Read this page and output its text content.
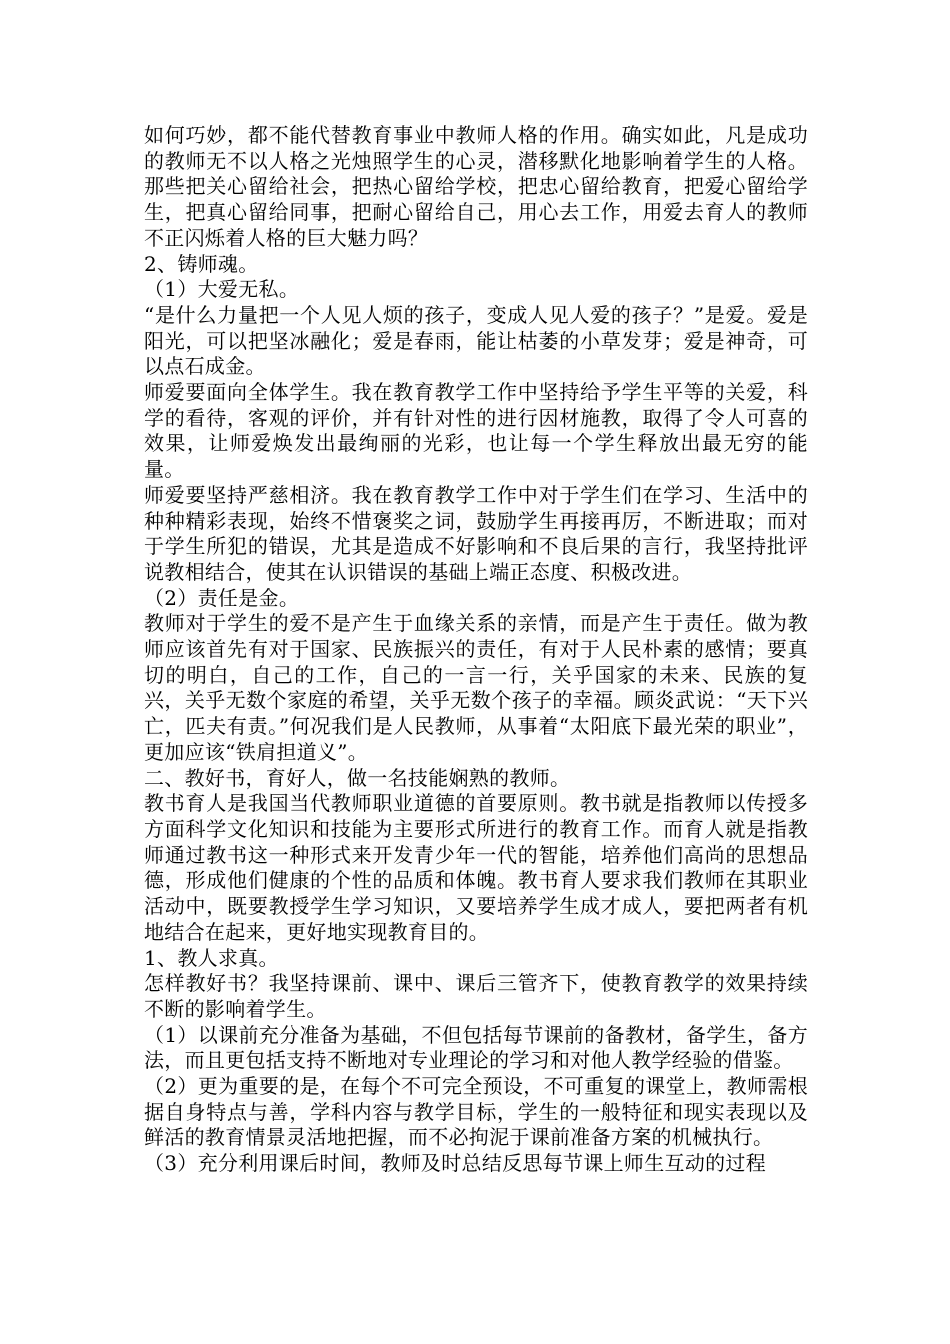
如何巧妙，都不能代替教育事业中教师人格的作用。确实如此，凡是成功的教师无不以人格之光烛照学生的心灵，潜移默化地影响着学生的人格。那些把关心留给社会，把热心留给学校，把忠心留给教育，把爱心留给学生，把真心留给同事，把耐心留给自己，用心去工作，用爱去育人的教师不正闪烁着人格的巨大魅力吗？

2、铸师魂。

（1）大爱无私。

“是什么力量把一个人见人烦的孩子，变成人见人爱的孩子？”是爱。爱是阳光，可以把坚冰融化；爱是春雨，能让枯萎的小草发芽；爱是神奇，可以点石成金。

师爱要面向全体学生。我在教育教学工作中坚持给予学生平等的关爱，科学的看待，客观的评价，并有针对性的进行因材施教，取得了令人可喜的效果，让师爱焕发出最绚丽的光彩，也让每一个学生释放出最无穷的能量。

师爱要坚持严慈相济。我在教育教学工作中对于学生们在学习、生活中的种种精彩表现，始终不惜褒奖之词，鼓励学生再接再厉，不断进取；而对于学生所犯的错误，尤其是造成不好影响和不良后果的言行，我坚持批评说教相结合，使其在认识错误的基础上端正态度、积极改进。

（2）责任是金。

教师对于学生的爱不是产生于血缘关系的亲情，而是产生于责任。做为教师应该首先有对于国家、民族振兴的责任，有对于人民朴素的感情；要真切的明白，自己的工作，自己的一言一行，关乎国家的未来、民族的复兴，关乎无数个家庭的希望，关乎无数个孩子的幸福。顾炎武说：“天下兴亡，匹夫有责。”何况我们是人民教师，从事着“太阳底下最光荣的职业”，更加应该“铁肩担道义”。

二、教好书，育好人，做一名技能娴熟的教师。

教书育人是我国当代教师职业道德的首要原则。教书就是指教师以传授多方面科学文化知识和技能为主要形式所进行的教育工作。而育人就是指教师通过教书这一种形式来开发青少年一代的智能，培养他们高尚的思想品德，形成他们健康的个性的品质和体魄。教书育人要求我们教师在其职业活动中，既要教授学生学习知识，又要培养学生成才成人，要把两者有机地结合在起来，更好地实现教育目的。

1、教人求真。

怎样教好书？我坚持课前、课中、课后三管齐下，使教育教学的效果持续不断的影响着学生。

（1）以课前充分准备为基础，不但包括每节课前的备教材，备学生，备方法，而且更包括支持不断地对专业理论的学习和对他人教学经验的借鉴。

（2）更为重要的是，在每个不可完全预设，不可重复的课堂上，教师需根据自身特点与善，学科内容与教学目标，学生的一般特征和现实表现以及鲜活的教育情景灵活地把握，而不必拘泥于课前准备方案的机械执行。

（3）充分利用课后时间，教师及时总结反思每节课上师生互动的过程
